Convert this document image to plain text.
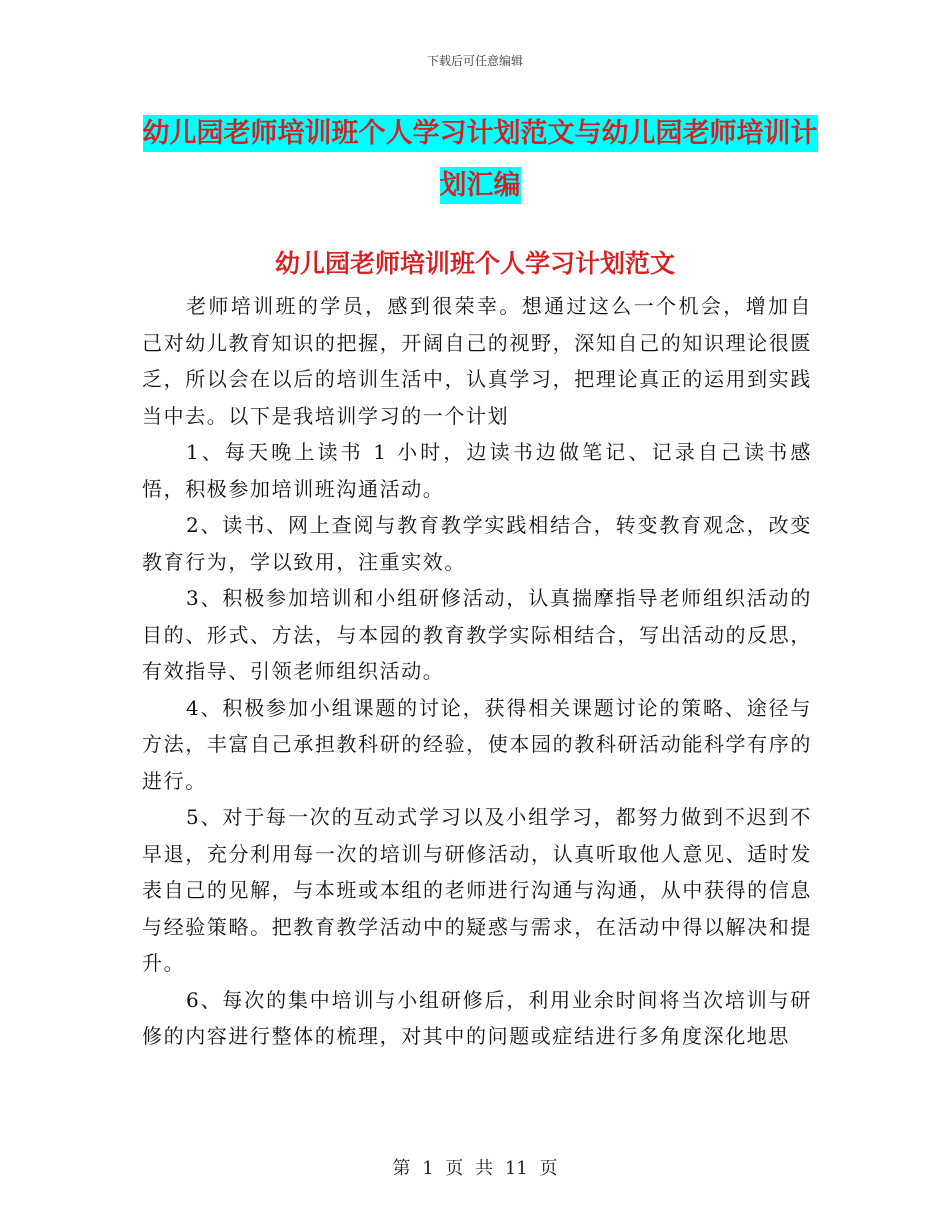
下载后可任意编辑
幼儿园老师培训班个人学习计划范文与幼儿园老师培训计划汇编
幼儿园老师培训班个人学习计划范文

老师培训班的学员，感到很荣幸。想通过这么一个机会，增加自己对幼儿教育知识的把握，开阔自己的视野，深知自己的知识理论很匮乏，所以会在以后的培训生活中，认真学习，把理论真正的运用到实践当中去。以下是我培训学习的一个计划

1、每天晚上读书 1 小时，边读书边做笔记、记录自己读书感悟，积极参加培训班沟通活动。

2、读书、网上查阅与教育教学实践相结合，转变教育观念，改变教育行为，学以致用，注重实效。

3、积极参加培训和小组研修活动，认真揣摩指导老师组织活动的目的、形式、方法，与本园的教育教学实际相结合，写出活动的反思，有效指导、引领老师组织活动。

4、积极参加小组课题的讨论，获得相关课题讨论的策略、途径与方法，丰富自己承担教科研的经验，使本园的教科研活动能科学有序的进行。

5、对于每一次的互动式学习以及小组学习，都努力做到不迟到不早退，充分利用每一次的培训与研修活动，认真听取他人意见、适时发表自己的见解，与本班或本组的老师进行沟通与沟通，从中获得的信息与经验策略。把教育教学活动中的疑惑与需求，在活动中得以解决和提升。

6、每次的集中培训与小组研修后，利用业余时间将当次培训与研修的内容进行整体的梳理，对其中的问题或症结进行多角度深化地思

第 1 页 共 11 页
